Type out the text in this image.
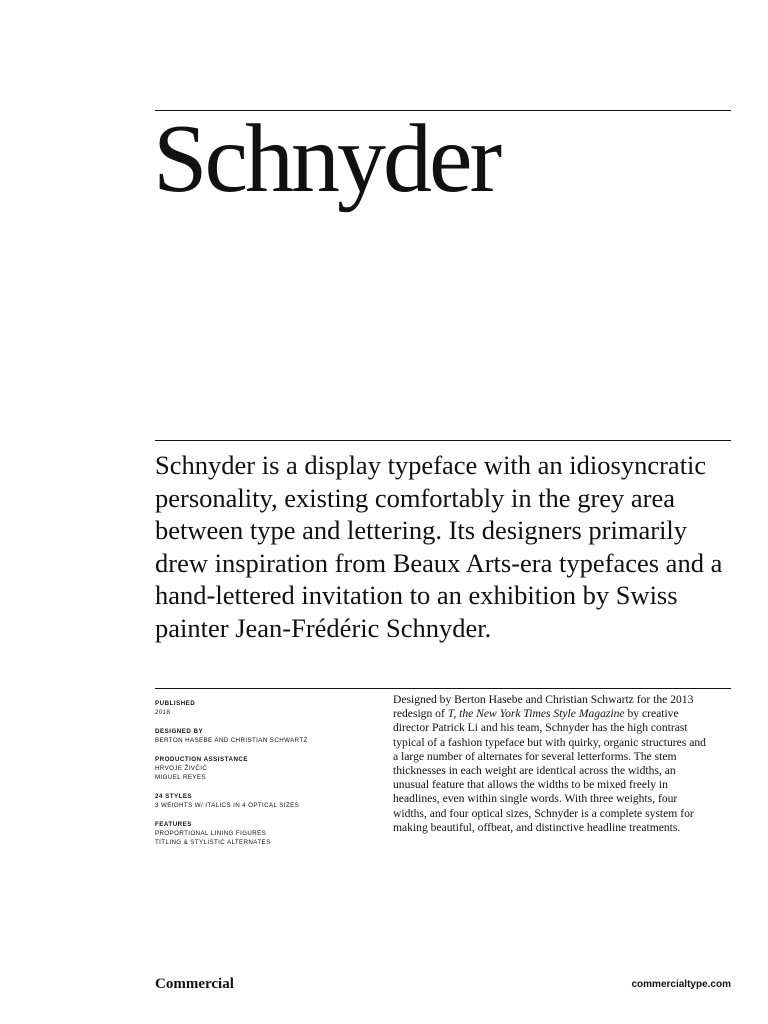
Schnyder

Schnyder is a display typeface with an idiosyncratic personality, existing comfortably in the grey area between type and lettering. Its designers primarily drew inspiration from Beaux Arts-era typefaces and a hand-lettered invitation to an exhibition by Swiss painter Jean-Frédéric Schnyder.

PUBLISHED
2018
DESIGNED BY
BERTON HASEBE AND CHRISTIAN SCHWARTZ
PRODUCTION ASSISTANCE
HRVOJE ŽIVČIĆ
MIGUEL REYES
24 STYLES
3 WEIGHTS W/ ITALICS IN 4 OPTICAL SIZES
FEATURES
PROPORTIONAL LINING FIGURES
TITLING & STYLISTIC ALTERNATES

Designed by Berton Hasebe and Christian Schwartz for the 2013 redesign of T, the New York Times Style Magazine by creative director Patrick Li and his team, Schnyder has the high contrast typical of a fashion typeface but with quirky, organic structures and a large number of alternates for several letterforms. The stem thicknesses in each weight are identical across the widths, an unusual feature that allows the widths to be mixed freely in headlines, even within single words. With three weights, four widths, and four optical sizes, Schnyder is a complete system for making beautiful, offbeat, and distinctive headline treatments.

Commercial	commercialtype.com
